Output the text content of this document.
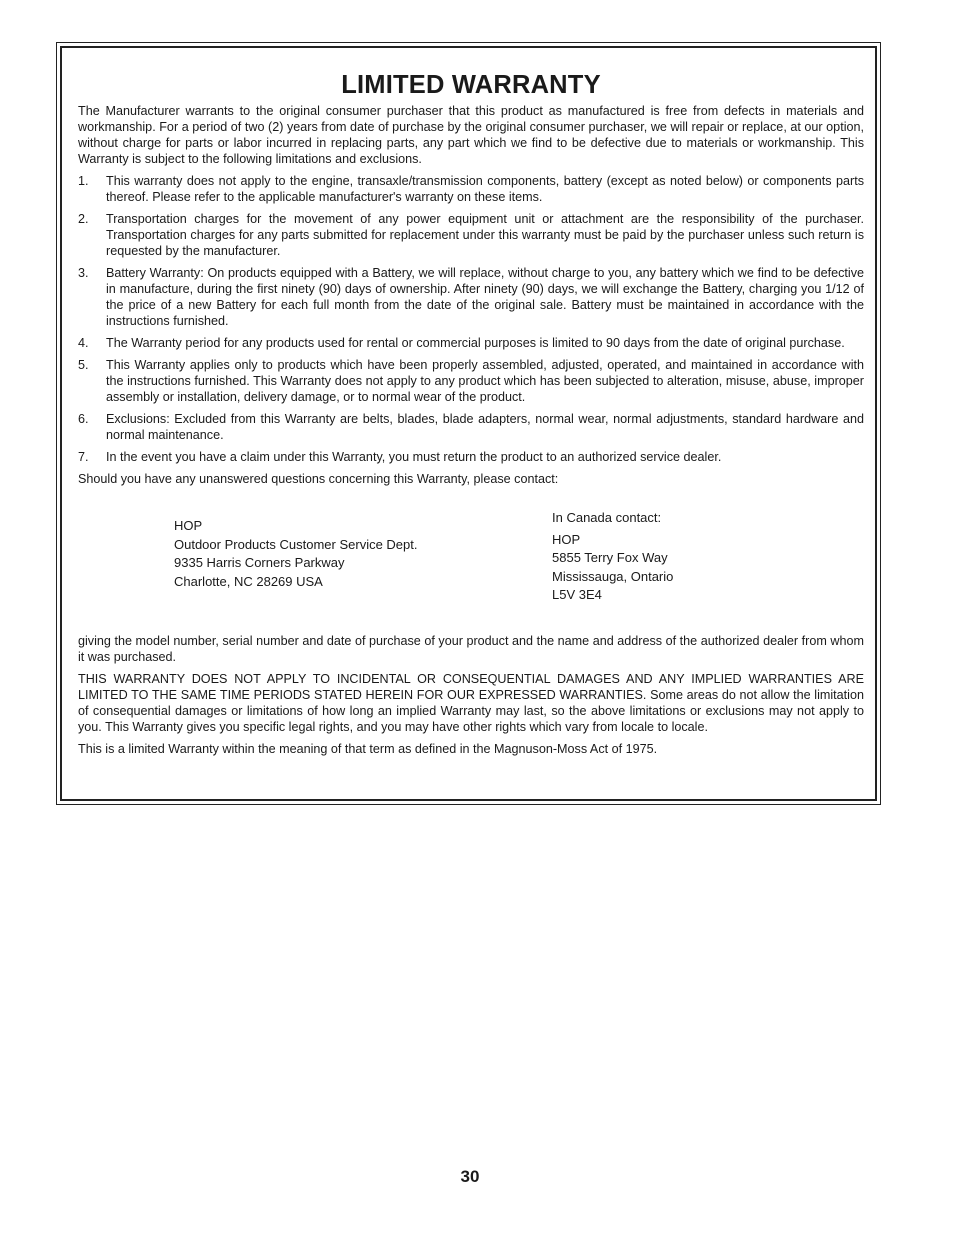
LIMITED WARRANTY

The Manufacturer warrants to the original consumer purchaser that this product as manufactured is free from defects in materials and workmanship. For a period of two (2) years from date of purchase by the original consumer purchaser, we will repair or replace, at our option, without charge for parts or labor incurred in replacing parts, any part which we find to be defective due to materials or workmanship. This Warranty is subject to the following limitations and exclusions.

1. This warranty does not apply to the engine, transaxle/transmission components, battery (except as noted below) or components parts thereof. Please refer to the applicable manufacturer's warranty on these items.
2. Transportation charges for the movement of any power equipment unit or attachment are the responsibility of the purchaser. Transportation charges for any parts submitted for replacement under this warranty must be paid by the purchaser unless such return is requested by the manufacturer.
3. Battery Warranty: On products equipped with a Battery, we will replace, without charge to you, any battery which we find to be defective in manufacture, during the first ninety (90) days of ownership. After ninety (90) days, we will exchange the Battery, charging you 1/12 of the price of a new Battery for each full month from the date of the original sale. Battery must be maintained in accordance with the instructions furnished.
4. The Warranty period for any products used for rental or commercial purposes is limited to 90 days from the date of original purchase.
5. This Warranty applies only to products which have been properly assembled, adjusted, operated, and maintained in accordance with the instructions furnished. This Warranty does not apply to any product which has been subjected to alteration, misuse, abuse, improper assembly or installation, delivery damage, or to normal wear of the product.
6. Exclusions: Excluded from this Warranty are belts, blades, blade adapters, normal wear, normal adjustments, standard hardware and normal maintenance.
7. In the event you have a claim under this Warranty, you must return the product to an authorized service dealer.

Should you have any unanswered questions concerning this Warranty, please contact:

HOP
Outdoor Products Customer Service Dept.
9335 Harris Corners Parkway
Charlotte, NC 28269 USA
In Canada contact:
HOP
5855 Terry Fox Way
Mississauga, Ontario
L5V 3E4

giving the model number, serial number and date of purchase of your product and the name and address of the authorized dealer from whom it was purchased.

THIS WARRANTY DOES NOT APPLY TO INCIDENTAL OR CONSEQUENTIAL DAMAGES AND ANY IMPLIED WARRANTIES ARE LIMITED TO THE SAME TIME PERIODS STATED HEREIN FOR OUR EXPRESSED WARRANTIES. Some areas do not allow the limitation of consequential damages or limitations of how long an implied Warranty may last, so the above limitations or exclusions may not apply to you. This Warranty gives you specific legal rights, and you may have other rights which vary from locale to locale.

This is a limited Warranty within the meaning of that term as defined in the Magnuson-Moss Act of 1975.

30
